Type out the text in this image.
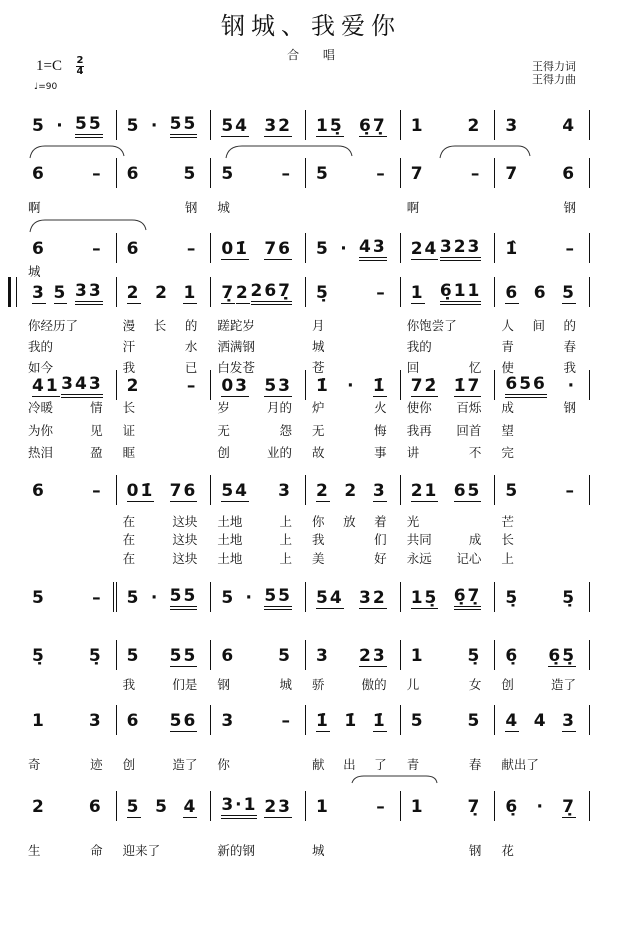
钢城、我爱你
合 唱
1=C 2
4
♩=90
王得力词
王得力曲
5 · 55 5 · 55 54 32 15̣ 6̣7̣ 1	2 3	4
6	– 6	5 5	– 5	– 7	– 7	6
啊	钢 城	啊	钢
6	– 6	– 01̇ 76 5 · 43 24 323 1̂	–
城
3 5 33 2 2 1 7̣ 2 267̣̣ 5̣	– 1 6̣11 6 6 5
你经历了	漫 长 的 蹉跎岁	月	你饱尝了	人 间 的
我的	汗	水 洒满钢	城	我的	青	春
如今	我	已 白发苍	苍	回	忆 使	我
41 343 2	– 03 53 1̇ · 1̇ 72̇ 1̇7 656 ·
冷暖	情 长	岁	月的 炉	火 使你 百烁 成	钢
为你	见 证	无	怨 无	悔 我再 回首 望
热泪	盈 眶	创	业的 故	事 讲	不 完
6	– 01̇ 76 54 3 2 2 3 21 65 5	–
在	这块 土地	上 你 放 着 光	芒
在	这块 土地	上 我	们 共同	成 长
在	这块 土地	上 美	好 永远 记心 上
5	– 5 · 55 5 · 55 54 32 15̣ 6̣7̣ 5̣	5̣
5̣	5̣ 5 55 6	5 3 23 1	5̣ 6̣ 6̣5̣
我	们是 钢	城 骄	傲的 儿	女 创	造了
1	3 6 56 3	– 1̇ 1̇ 1̇ 5	5 4 4 3
奇	迹 创	造了 你	献 出 了 青	春 献出了
2	6 5 5 4 3·1 23 1	– 1	7̣ 6̣ · 7̣
生	命 迎来了	新的钢	城	钢 花
